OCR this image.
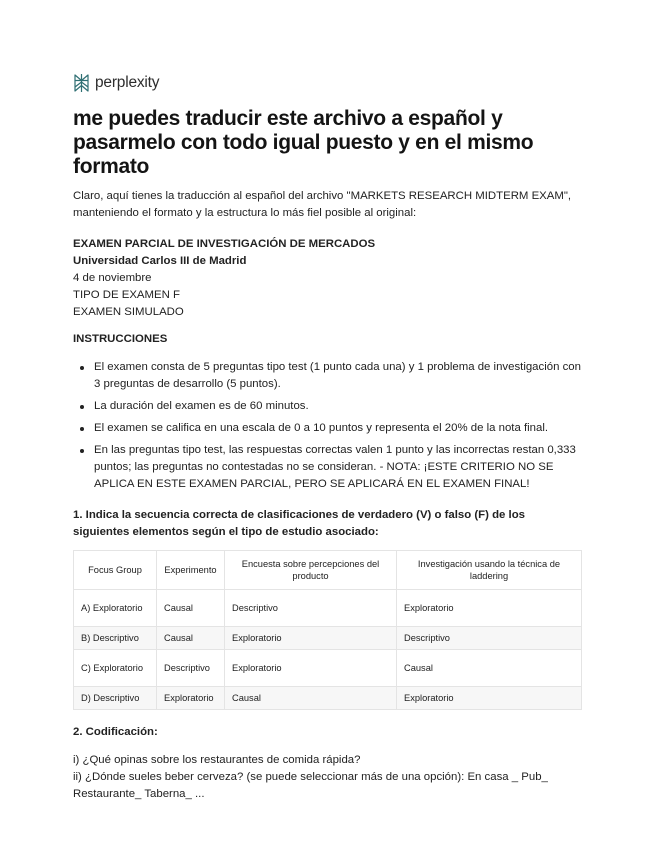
perplexity
me puedes traducir este archivo a español y pasarmelo con todo igual puesto y en el mismo formato

Claro, aquí tienes la traducción al español del archivo "MARKETS RESEARCH MIDTERM EXAM", manteniendo el formato y la estructura lo más fiel posible al original:

EXAMEN PARCIAL DE INVESTIGACIÓN DE MERCADOS
Universidad Carlos III de Madrid
4 de noviembre
TIPO DE EXAMEN F
EXAMEN SIMULADO

INSTRUCCIONES

El examen consta de 5 preguntas tipo test (1 punto cada una) y 1 problema de investigación con 3 preguntas de desarrollo (5 puntos).
La duración del examen es de 60 minutos.
El examen se califica en una escala de 0 a 10 puntos y representa el 20% de la nota final.
En las preguntas tipo test, las respuestas correctas valen 1 punto y las incorrectas restan 0,333 puntos; las preguntas no contestadas no se consideran. - NOTA: ¡ESTE CRITERIO NO SE APLICA EN ESTE EXAMEN PARCIAL, PERO SE APLICARÁ EN EL EXAMEN FINAL!

1. Indica la secuencia correcta de clasificaciones de verdadero (V) o falso (F) de los siguientes elementos según el tipo de estudio asociado:

Focus Group	Experimento	Encuesta sobre percepciones del producto	Investigación usando la técnica de laddering
A) Exploratorio	Causal	Descriptivo	Exploratorio
B) Descriptivo	Causal	Exploratorio	Descriptivo
C) Exploratorio	Descriptivo	Exploratorio	Causal
D) Descriptivo	Exploratorio	Causal	Exploratorio

2. Codificación:

i) ¿Qué opinas sobre los restaurantes de comida rápida?
ii) ¿Dónde sueles beber cerveza? (se puede seleccionar más de una opción): En casa _ Pub_ Restaurante_ Taberna_ ...
